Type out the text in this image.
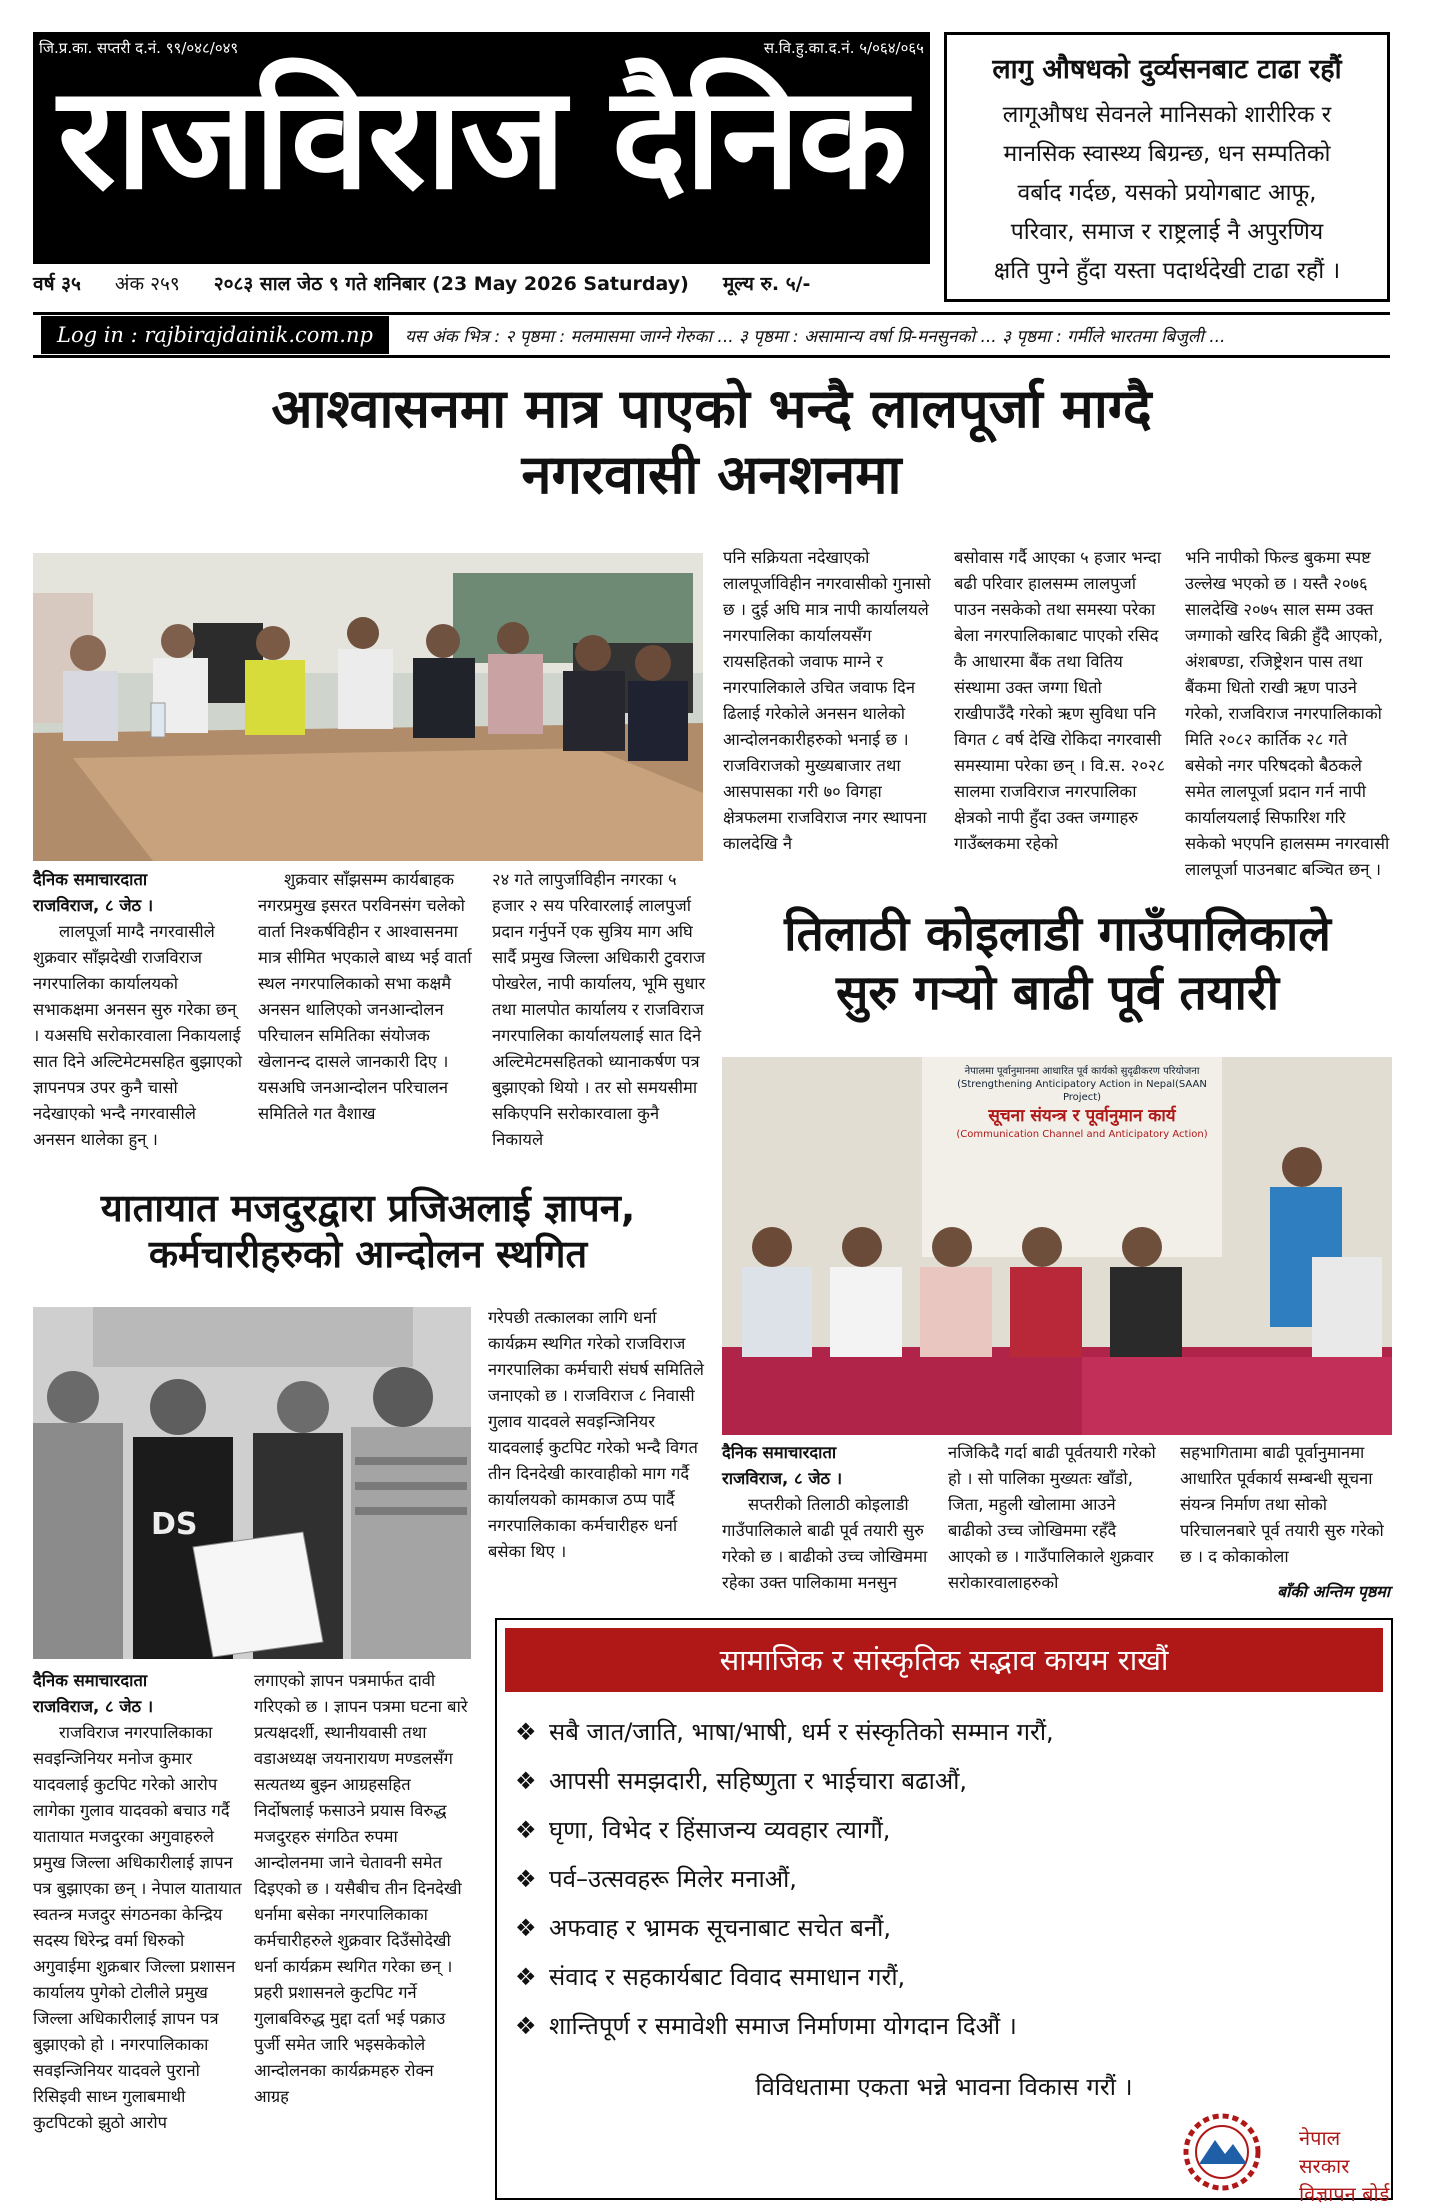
जि.प्र.का. सप्तरी द.नं. ९९/०४८/०४९	स.वि.हु.का.द.नं. ५/०६४/०६५
राजविराज दैनिक
वर्ष ३५ अंक २५९ २०८३ साल जेठ ९ गते शनिबार (23 May 2026 Saturday) मूल्य रु. ५/-
लागु औषधको दुर्व्यसनबाट टाढा रहौं

लागूऔषध सेवनले मानिसको शारीरिक र

मानसिक स्वास्थ्य बिग्रन्छ, धन सम्पतिको

वर्बाद गर्दछ, यसको प्रयोगबाट आफू,

परिवार, समाज र राष्ट्रलाई नै अपुरणिय

क्षति पुग्ने हुँदा यस्ता पदार्थदेखी टाढा रहौं ।

Log in : rajbirajdainik.com.np	यस अंक भित्र : २ पृष्ठमा : मलमासमा जाग्ने गेरुका ... ३ पृष्ठमा : असामान्य वर्षा प्रि-मनसुनको ... ३ पृष्ठमा : गर्मीले भारतमा बिजुली ...
आश्वासनमा मात्र पाएको भन्दै लालपूर्जा माग्दै
नगरवासी अनशनमा
दैनिक समाचारदाता
राजविराज, ८ जेठ ।

लालपूर्जा माग्दै नगरवासीले शुक्रवार साँझदेखी राजविराज नगरपालिका कार्यालयको सभाकक्षमा अनसन सुरु गरेका छन् । यअसघि सरोकारवाला निकायलाई सात दिने अल्टिमेटमसहित बुझाएको ज्ञापनपत्र उपर कुनै चासो नदेखाएको भन्दै नगरवासीले अनसन थालेका हुन् ।

शुक्रवार साँझसम्म कार्यबाहक नगरप्रमुख इसरत परविनसंग चलेको वार्ता निश्कर्षविहीन र आश्वासनमा मात्र सीमित भएकाले बाध्य भई वार्ता स्थल नगरपालिकाको सभा कक्षमै अनसन थालिएको जनआन्दोलन परिचालन समितिका संयोजक खेलानन्द दासले जानकारी दिए । यसअघि जनआन्दोलन परिचालन समितिले गत वैशाख

२४ गते लापुर्जाविहीन नगरका ५ हजार २ सय परिवारलाई लालपुर्जा प्रदान गर्नुपर्ने एक सुत्रिय माग अघि सार्दै प्रमुख जिल्ला अधिकारी टुवराज पोखरेल, नापी कार्यालय, भूमि सुधार तथा मालपोत कार्यालय र राजविराज नगरपालिका कार्यालयलाई सात दिने अल्टिमेटमसहितको ध्यानाकर्षण पत्र बुझाएको थियो । तर सो समयसीमा सकिएपनि सरोकारवाला कुनै निकायले

पनि सक्रियता नदेखाएको लालपूर्जाविहीन नगरवासीको गुनासो छ । दुई अघि मात्र नापी कार्यालयले नगरपालिका कार्यालयसँग रायसहितको जवाफ माग्ने र नगरपालिकाले उचित जवाफ दिन ढिलाई गरेकोले अनसन थालेको आन्दोलनकारीहरुको भनाई छ । राजविराजको मुख्यबाजार तथा आसपासका गरी ७० विगहा क्षेत्रफलमा राजविराज नगर स्थापना कालदेखि नै

बसोवास गर्दै आएका ५ हजार भन्दा बढी परिवार हालसम्म लालपुर्जा पाउन नसकेको तथा समस्या परेका बेला नगरपालिकाबाट पाएको रसिद कै आधारमा बैंक तथा वितिय संस्थामा उक्त जग्गा धितो राखीपाउँदै गरेको ऋण सुविधा पनि विगत ८ वर्ष देखि रोकिदा नगरवासी समस्यामा परेका छन् । वि.स. २०२८ सालमा राजविराज नगरपालिका क्षेत्रको नापी हुँदा उक्त जग्गाहरु गाउँब्लकमा रहेको

भनि नापीको फिल्ड बुकमा स्पष्ट उल्लेख भएको छ । यस्तै २०७६ सालदेखि २०७५ साल सम्म उक्त जग्गाको खरिद बिक्री हुँदै आएको, अंशबण्डा, रजिष्ट्रेशन पास तथा बैंकमा धितो राखी ऋण पाउने गरेको, राजविराज नगरपालिकाको मिति २०८२ कार्तिक २८ गते बसेको नगर परिषदको बैठकले समेत लालपूर्जा प्रदान गर्न नापी कार्यालयलाई सिफारिश गरि सकेको भएपनि हालसम्म नगरवासी लालपूर्जा पाउनबाट बञ्चित छन् ।

तिलाठी कोइलाडी गाउँपालिकाले
सुरु गर्‍यो बाढी पूर्व तयारी
नेपालमा पूर्वानुमानमा आधारित पूर्व कार्यको सुदृढीकरण परियोजना
(Strengthening Anticipatory Action in Nepal(SAAN Project)
सूचना संयन्त्र र पूर्वानुमान कार्य
(Communication Channel and Anticipatory Action)
दैनिक समाचारदाता
राजविराज, ८ जेठ ।

सप्तरीको तिलाठी कोइलाडी गाउँपालिकाले बाढी पूर्व तयारी सुरु गरेको छ । बाढीको उच्च जोखिममा रहेका उक्त पालिकामा मनसुन

नजिकिदै गर्दा बाढी पूर्वतयारी गरेको हो । सो पालिका मुख्यतः खाँडो, जिता, महुली खोलामा आउने बाढीको उच्च जोखिममा रहँदै आएको छ । गाउँपालिकाले शुक्रवार सरोकारवालाहरुको

सहभागितामा बाढी पूर्वानुमानमा आधारित पूर्वकार्य सम्बन्धी सूचना संयन्त्र निर्माण तथा सोको परिचालनबारे पूर्व तयारी सुरु गरेको छ । द कोकाकोला

बाँकी अन्तिम पृष्ठमा
यातायात मजदुरद्वारा प्रजिअलाई ज्ञापन,
कर्मचारीहरुको आन्दोलन स्थगित
DS

गरेपछी तत्कालका लागि धर्ना कार्यक्रम स्थगित गरेको राजविराज नगरपालिका कर्मचारी संघर्ष समितिले जनाएको छ । राजविराज ८ निवासी गुलाव यादवले सवइन्जिनियर यादवलाई कुटपिट गरेको भन्दै विगत तीन दिनदेखी कारवाहीको माग गर्दै कार्यालयको कामकाज ठप्प पार्दै नगरपालिकाका कर्मचारीहरु धर्ना बसेका थिए ।

दैनिक समाचारदाता
राजविराज, ८ जेठ ।

राजविराज नगरपालिकाका सवइन्जिनियर मनोज कुमार यादवलाई कुटपिट गरेको आरोप लागेका गुलाव यादवको बचाउ गर्दै यातायात मजदुरका अगुवाहरुले प्रमुख जिल्ला अधिकारीलाई ज्ञापन पत्र बुझाएका छन् । नेपाल यातायात स्वतन्त्र मजदुर संगठनका केन्द्रिय सदस्य धिरेन्द्र वर्मा धिरुको अगुवाईमा शुक्रबार जिल्ला प्रशासन कार्यालय पुगेको टोलीले प्रमुख जिल्ला अधिकारीलाई ज्ञापन पत्र बुझाएको हो । नगरपालिकाका सवइन्जिनियर यादवले पुरानो रिसिइवी साध्न गुलाबमाथी कुटपिटको झुठो आरोप

लगाएको ज्ञापन पत्रमार्फत दावी गरिएको छ । ज्ञापन पत्रमा घटना बारे प्रत्यक्षदर्शी, स्थानीयवासी तथा वडाअध्यक्ष जयनारायण मण्डलसँग सत्यतथ्य बुझ्न आग्रहसहित निर्दोषलाई फसाउने प्रयास विरुद्ध मजदुरहरु संगठित रुपमा आन्दोलनमा जाने चेतावनी समेत दिइएको छ । यसैबीच तीन दिनदेखी धर्नामा बसेका नगरपालिकाका कर्मचारीहरुले शुक्रवार दिउँसोदेखी धर्ना कार्यक्रम स्थगित गरेका छन् । प्रहरी प्रशासनले कुटपिट गर्ने गुलाबविरुद्ध मुद्दा दर्ता भई पक्राउ पुर्जी समेत जारि भइसकेकोले आन्दोलनका कार्यक्रमहरु रोक्न आग्रह

सामाजिक र सांस्कृतिक सद्भाव कायम राखौं
❖ सबै जात/जाति, भाषा/भाषी, धर्म र संस्कृतिको सम्मान गरौं,
❖ आपसी समझदारी, सहिष्णुता र भाईचारा बढाऔं,
❖ घृणा, विभेद र हिंसाजन्य व्यवहार त्यागौं,
❖ पर्व–उत्सवहरू मिलेर मनाऔं,
❖ अफवाह र भ्रामक सूचनाबाट सचेत बनौं,
❖ संवाद र सहकार्यबाट विवाद समाधान गरौं,
❖ शान्तिपूर्ण र समावेशी समाज निर्माणमा योगदान दिऔं ।
विविधतामा एकता भन्ने भावना विकास गरौं ।
नेपाल सरकार
विज्ञापन बोर्ड
